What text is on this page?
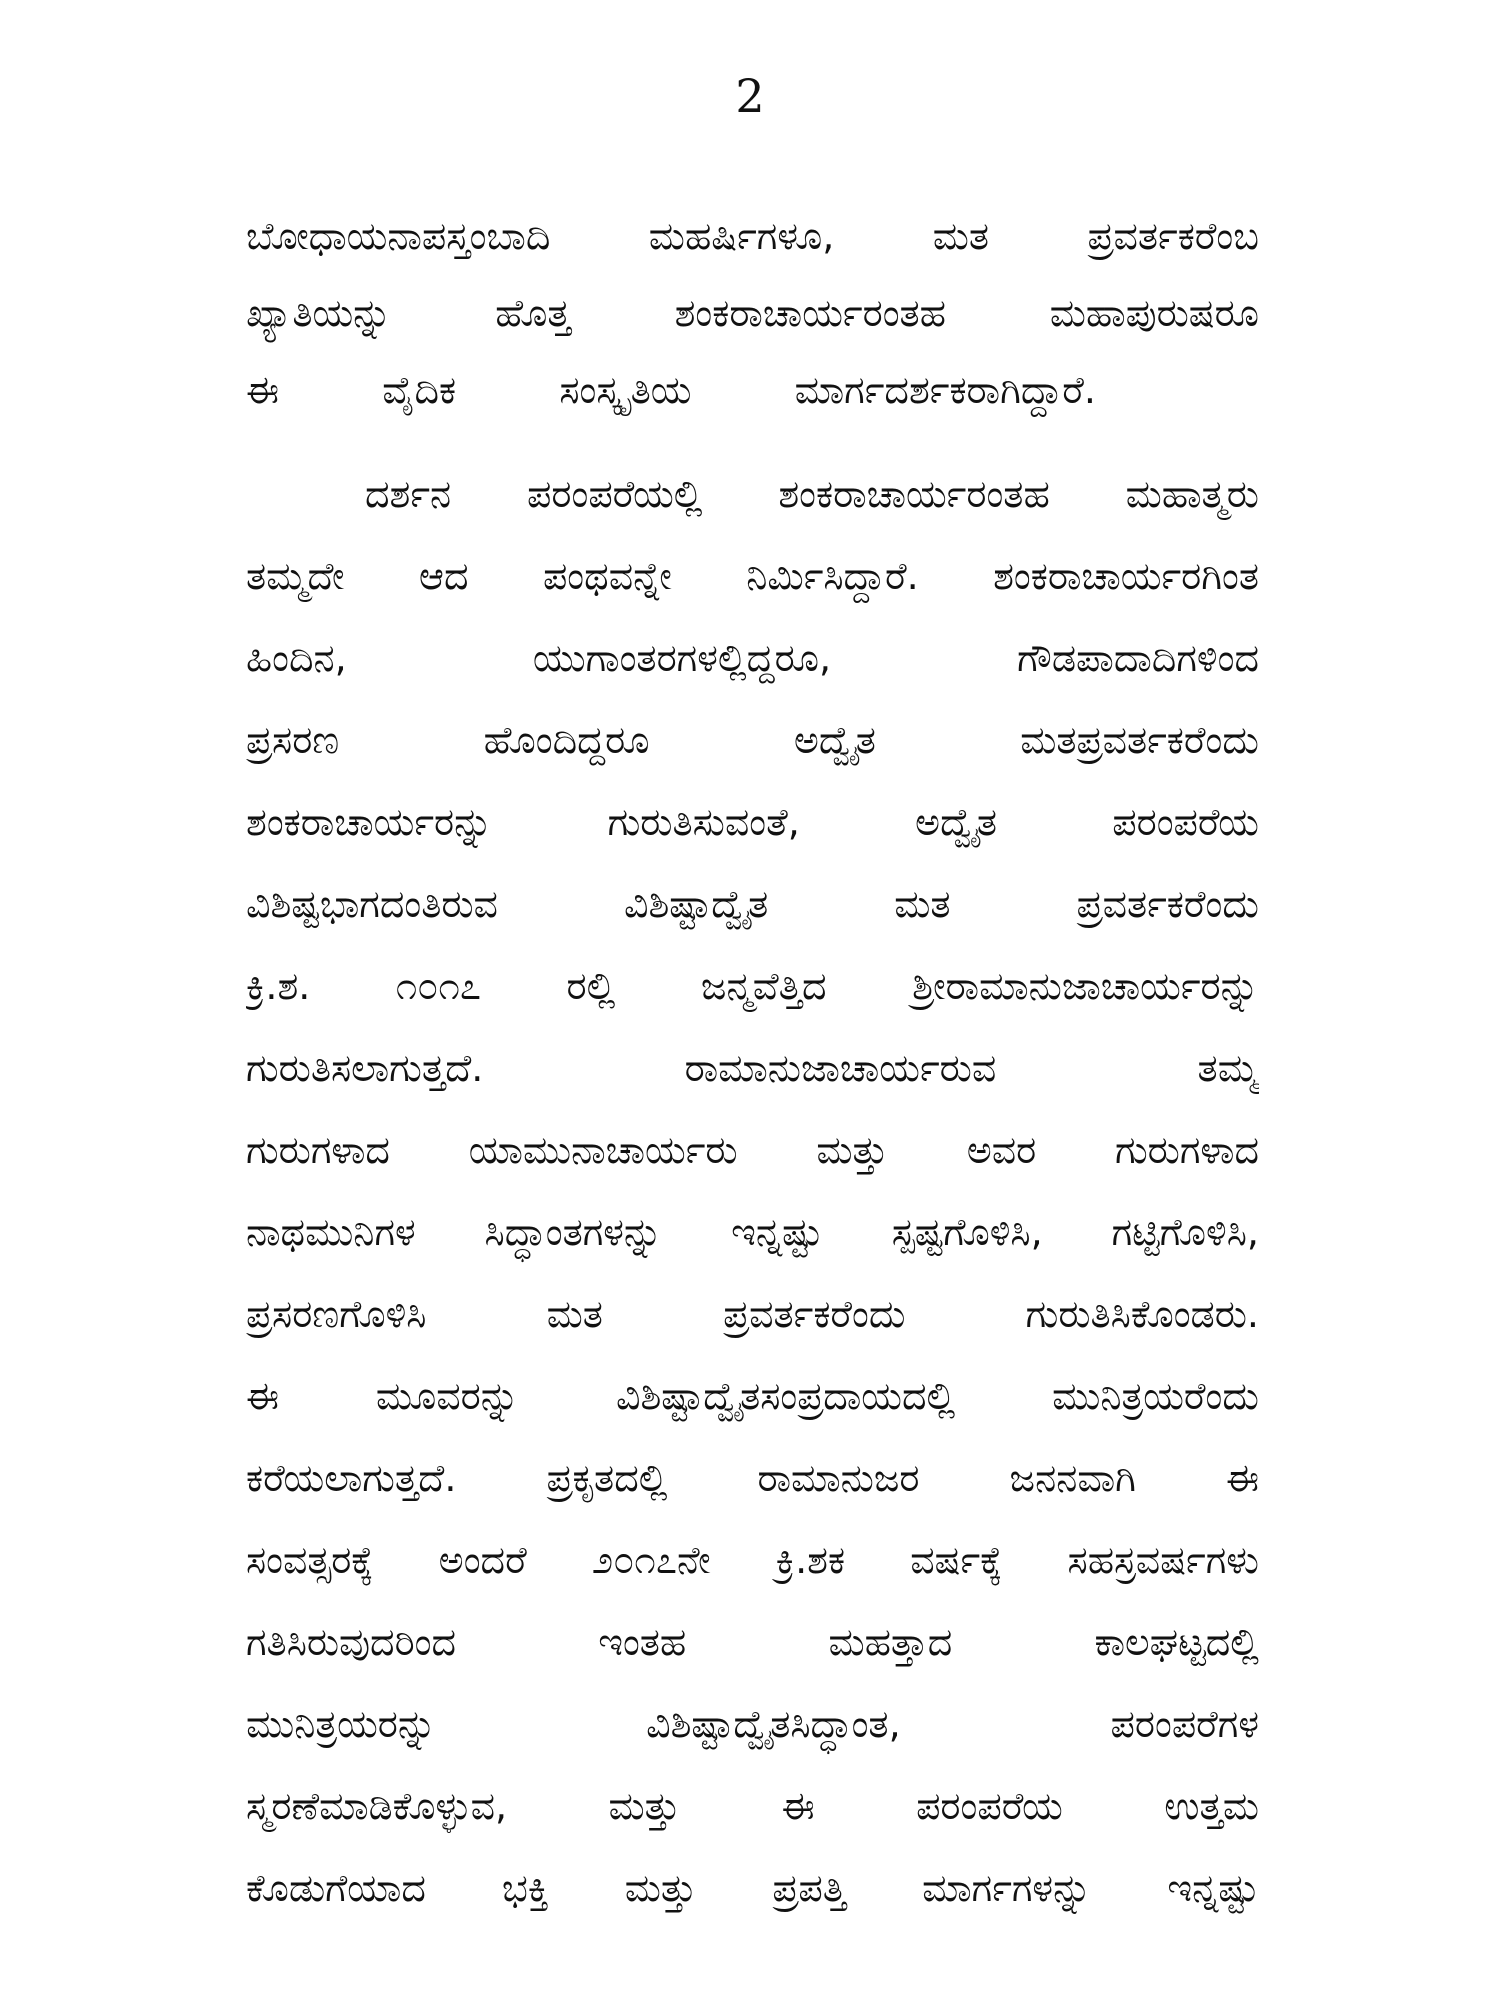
2
ಬೋಧಾಯನಾಪಸ್ತಂಬಾದಿ ಮಹರ್ಷಿಗಳೂ, ಮತ ಪ್ರವರ್ತಕರೆಂಬ
ಖ್ಯಾತಿಯನ್ನು ಹೊತ್ತ ಶಂಕರಾಚಾರ್ಯರಂತಹ ಮಹಾಪುರುಷರೂ
ಈ ವೈದಿಕ ಸಂಸ್ಕೃತಿಯ ಮಾರ್ಗದರ್ಶಕರಾಗಿದ್ದಾರೆ.
ದರ್ಶನ ಪರಂಪರೆಯಲ್ಲಿ ಶಂಕರಾಚಾರ್ಯರಂತಹ ಮಹಾತ್ಮರು
ತಮ್ಮದೇ ಆದ ಪಂಥವನ್ನೇ ನಿರ್ಮಿಸಿದ್ದಾರೆ. ಶಂಕರಾಚಾರ್ಯರಗಿಂತ
ಹಿಂದಿನ, ಯುಗಾಂತರಗಳಲ್ಲಿದ್ದರೂ, ಗೌಡಪಾದಾದಿಗಳಿಂದ
ಪ್ರಸರಣ ಹೊಂದಿದ್ದರೂ ಅದ್ವೈತ ಮತಪ್ರವರ್ತಕರೆಂದು
ಶಂಕರಾಚಾರ್ಯರನ್ನು ಗುರುತಿಸುವಂತೆ, ಅದ್ವೈತ ಪರಂಪರೆಯ
ವಿಶಿಷ್ಟಭಾಗದಂತಿರುವ ವಿಶಿಷ್ಟಾದ್ವೈತ ಮತ ಪ್ರವರ್ತಕರೆಂದು
ಕ್ರಿ.ಶ. ೧೦೧೭ ರಲ್ಲಿ ಜನ್ಮವೆತ್ತಿದ ಶ್ರೀರಾಮಾನುಜಾಚಾರ್ಯರನ್ನು
ಗುರುತಿಸಲಾಗುತ್ತದೆ. ರಾಮಾನುಜಾಚಾರ್ಯರುವ ತಮ್ಮ
ಗುರುಗಳಾದ ಯಾಮುನಾಚಾರ್ಯರು ಮತ್ತು ಅವರ ಗುರುಗಳಾದ
ನಾಥಮುನಿಗಳ ಸಿದ್ಧಾಂತಗಳನ್ನು ಇನ್ನಷ್ಟು ಸ್ಪಷ್ಟಗೊಳಿಸಿ, ಗಟ್ಟಿಗೊಳಿಸಿ,
ಪ್ರಸರಣಗೊಳಿಸಿ ಮತ ಪ್ರವರ್ತಕರೆಂದು ಗುರುತಿಸಿಕೊಂಡರು.
ಈ ಮೂವರನ್ನು ವಿಶಿಷ್ಟಾದ್ವೈತಸಂಪ್ರದಾಯದಲ್ಲಿ ಮುನಿತ್ರಯರೆಂದು
ಕರೆಯಲಾಗುತ್ತದೆ. ಪ್ರಕೃತದಲ್ಲಿ ರಾಮಾನುಜರ ಜನನವಾಗಿ ಈ
ಸಂವತ್ಸರಕ್ಕೆ ಅಂದರೆ ೨೦೧೭ನೇ ಕ್ರಿ.ಶಕ ವರ್ಷಕ್ಕೆ ಸಹಸ್ರವರ್ಷಗಳು
ಗತಿಸಿರುವುದರಿಂದ ಇಂತಹ ಮಹತ್ತಾದ ಕಾಲಘಟ್ಟದಲ್ಲಿ
ಮುನಿತ್ರಯರನ್ನು ವಿಶಿಷ್ಟಾದ್ವೈತಸಿದ್ಧಾಂತ, ಪರಂಪರೆಗಳ
ಸ್ಮರಣೆಮಾಡಿಕೊಳ್ಳುವ, ಮತ್ತು ಈ ಪರಂಪರೆಯ ಉತ್ತಮ
ಕೊಡುಗೆಯಾದ ಭಕ್ತಿ ಮತ್ತು ಪ್ರಪತ್ತಿ ಮಾರ್ಗಗಳನ್ನು ಇನ್ನಷ್ಟು
